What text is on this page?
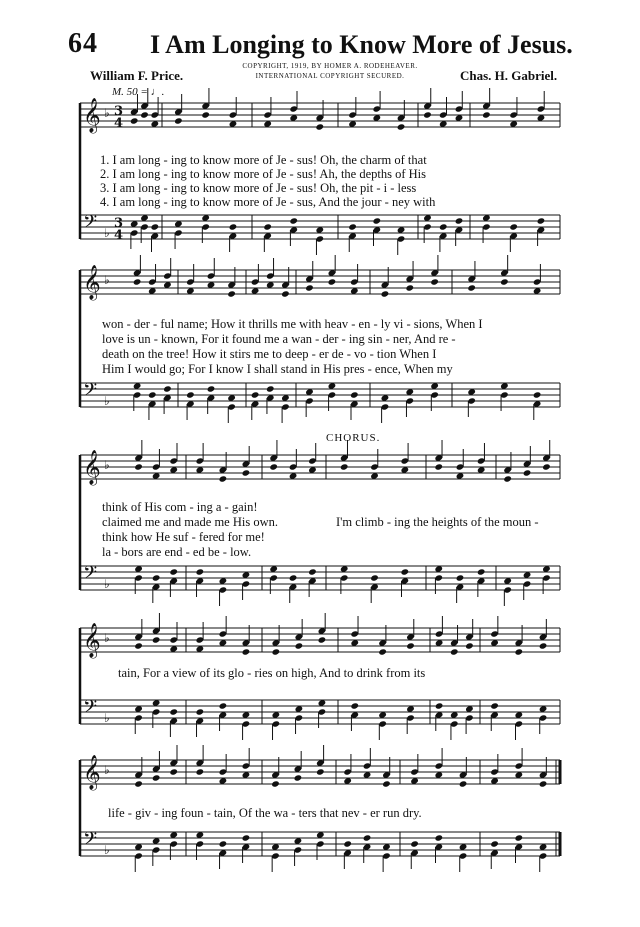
64 I Am Longing to Know More of Jesus.
COPYRIGHT, 1919, BY HOMER A. RODEHEAVER.
INTERNATIONAL COPYRIGHT SECURED.
William F. Price.	Chas. H. Gabriel.
M. 50 = ♩.
𝄞 ♭ 3
4
𝄢 ♭
3
4
𝄞 ♭
𝄢 ♭
𝄞 ♭
𝄢 ♭
𝄞 ♭
𝄢 ♭
𝄞 ♭
𝄢 ♭
1. I am long - ing to know more of Je - sus! Oh, the charm of that
2. I am long - ing to know more of Je - sus! Ah, the depths of His
3. I am long - ing to know more of Je - sus! Oh, the pit - i - less
4. I am long - ing to know more of Je - sus, And the jour - ney with
won - der - ful name; How it thrills me with heav - en - ly vi - sions, When I
love is un - known, For it found me a wan - der - ing sin - ner, And re -
death on the tree! How it stirs me to deep - er de - vo - tion When I
Him I would go; For I know I shall stand in His pres - ence, When my
CHORUS.
think of His com - ing a - gain!
claimed me and made me His own.
think how He suf - fered for me!
la - bors are end - ed be - low.
I'm climb - ing the heights of the moun -
tain, For a view of its glo - ries on high, And to drink from its
life - giv - ing foun - tain, Of the wa - ters that nev - er run dry.
